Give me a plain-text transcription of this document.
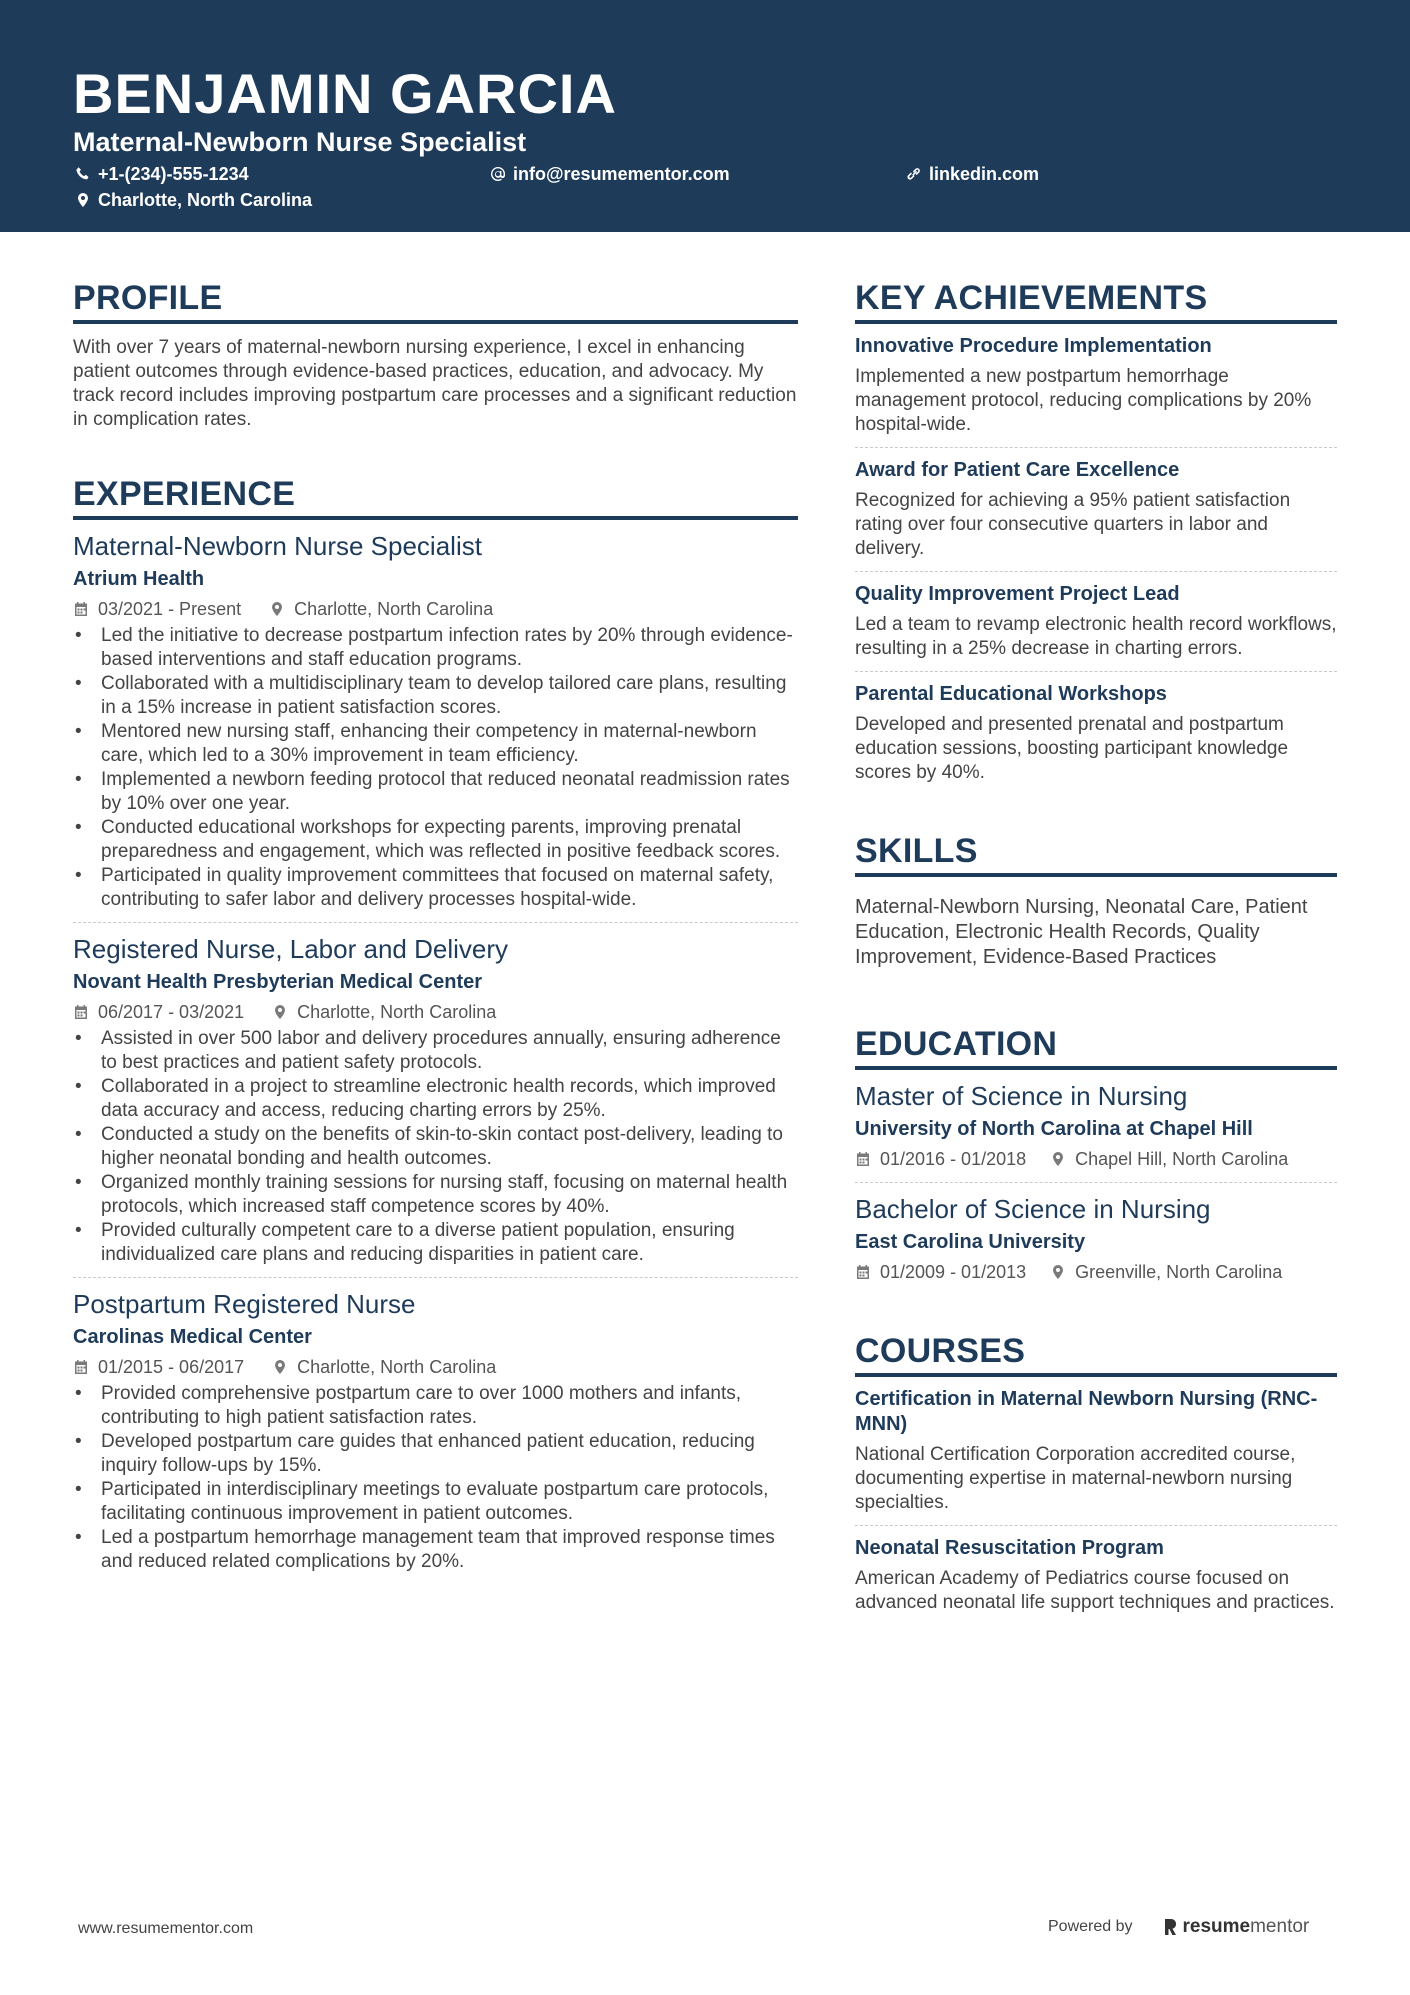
BENJAMIN GARCIA
Maternal-Newborn Nurse Specialist
+1-(234)-555-1234	info@resumementor.com	linkedin.com
Charlotte, North Carolina
PROFILE
With over 7 years of maternal-newborn nursing experience, I excel in enhancing patient outcomes through evidence-based practices, education, and advocacy. My track record includes improving postpartum care processes and a significant reduction in complication rates.
EXPERIENCE
Maternal-Newborn Nurse Specialist
Atrium Health
03/2021 - Present	Charlotte, North Carolina
• Led the initiative to decrease postpartum infection rates by 20% through evidence-based interventions and staff education programs.
• Collaborated with a multidisciplinary team to develop tailored care plans, resulting in a 15% increase in patient satisfaction scores.
• Mentored new nursing staff, enhancing their competency in maternal-newborn care, which led to a 30% improvement in team efficiency.
• Implemented a newborn feeding protocol that reduced neonatal readmission rates by 10% over one year.
• Conducted educational workshops for expecting parents, improving prenatal preparedness and engagement, which was reflected in positive feedback scores.
• Participated in quality improvement committees that focused on maternal safety, contributing to safer labor and delivery processes hospital-wide.
Registered Nurse, Labor and Delivery
Novant Health Presbyterian Medical Center
06/2017 - 03/2021	Charlotte, North Carolina
• Assisted in over 500 labor and delivery procedures annually, ensuring adherence to best practices and patient safety protocols.
• Collaborated in a project to streamline electronic health records, which improved data accuracy and access, reducing charting errors by 25%.
• Conducted a study on the benefits of skin-to-skin contact post-delivery, leading to higher neonatal bonding and health outcomes.
• Organized monthly training sessions for nursing staff, focusing on maternal health protocols, which increased staff competence scores by 40%.
• Provided culturally competent care to a diverse patient population, ensuring individualized care plans and reducing disparities in patient care.
Postpartum Registered Nurse
Carolinas Medical Center
01/2015 - 06/2017	Charlotte, North Carolina
• Provided comprehensive postpartum care to over 1000 mothers and infants, contributing to high patient satisfaction rates.
• Developed postpartum care guides that enhanced patient education, reducing inquiry follow-ups by 15%.
• Participated in interdisciplinary meetings to evaluate postpartum care protocols, facilitating continuous improvement in patient outcomes.
• Led a postpartum hemorrhage management team that improved response times and reduced related complications by 20%.
KEY ACHIEVEMENTS
Innovative Procedure Implementation
Implemented a new postpartum hemorrhage management protocol, reducing complications by 20% hospital-wide.
Award for Patient Care Excellence
Recognized for achieving a 95% patient satisfaction rating over four consecutive quarters in labor and delivery.
Quality Improvement Project Lead
Led a team to revamp electronic health record workflows, resulting in a 25% decrease in charting errors.
Parental Educational Workshops
Developed and presented prenatal and postpartum education sessions, boosting participant knowledge scores by 40%.
SKILLS
Maternal-Newborn Nursing, Neonatal Care, Patient Education, Electronic Health Records, Quality Improvement, Evidence-Based Practices
EDUCATION
Master of Science in Nursing
University of North Carolina at Chapel Hill
01/2016 - 01/2018	Chapel Hill, North Carolina
Bachelor of Science in Nursing
East Carolina University
01/2009 - 01/2013	Greenville, North Carolina
COURSES
Certification in Maternal Newborn Nursing (RNC-MNN)
National Certification Corporation accredited course, documenting expertise in maternal-newborn nursing specialties.
Neonatal Resuscitation Program
American Academy of Pediatrics course focused on advanced neonatal life support techniques and practices.
www.resumementor.com	Powered by	resume mentor
